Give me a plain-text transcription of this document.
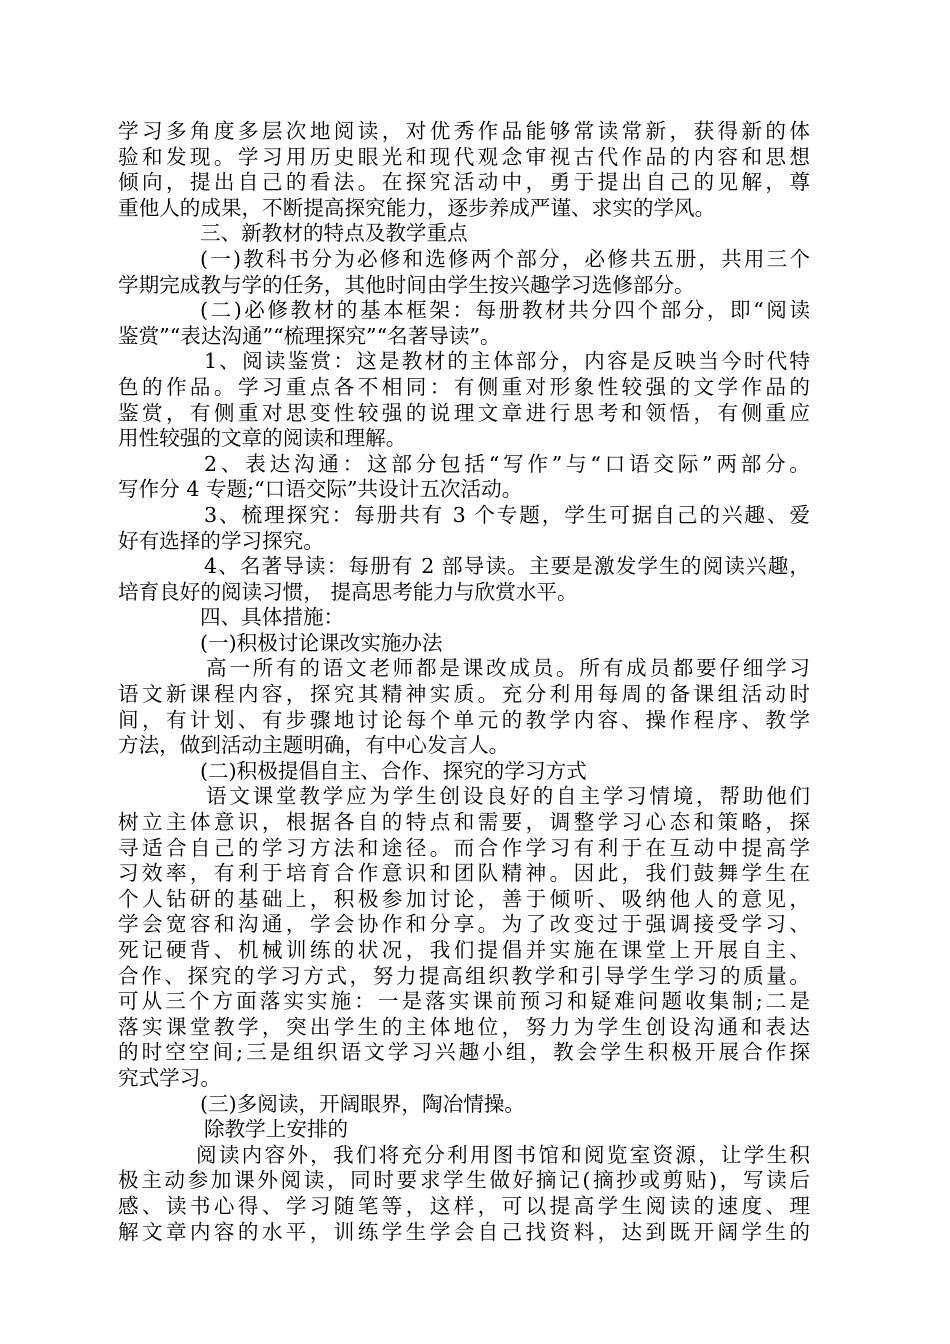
学习多角度多层次地阅读，对优秀作品能够常读常新，获得新的体
验和发现。学习用历史眼光和现代观念审视古代作品的内容和思想
倾向，提出自己的看法。在探究活动中，勇于提出自己的见解，尊
重他人的成果，不断提高探究能力，逐步养成严谨、求实的学风。
三、新教材的特点及教学重点
(一)教科书分为必修和选修两个部分，必修共五册，共用三个
学期完成教与学的任务，其他时间由学生按兴趣学习选修部分。
(二)必修教材的基本框架：每册教材共分四个部分，即“阅读
鉴赏”“表达沟通”“梳理探究”“名著导读”。
1、阅读鉴赏：这是教材的主体部分，内容是反映当今时代特
色的作品。学习重点各不相同：有侧重对形象性较强的文学作品的
鉴赏，有侧重对思变性较强的说理文章进行思考和领悟，有侧重应
用性较强的文章的阅读和理解。
2、表达沟通：这部分包括“写作”与“口语交际”两部分。
写作分 4 专题;“口语交际”共设计五次活动。
3、梳理探究：每册共有 3 个专题，学生可据自己的兴趣、爱
好有选择的学习探究。
4、名著导读：每册有 2 部导读。主要是激发学生的阅读兴趣，
培育良好的阅读习惯， 提高思考能力与欣赏水平。
四、具体措施：
(一)积极讨论课改实施办法
高一所有的语文老师都是课改成员。所有成员都要仔细学习
语文新课程内容，探究其精神实质。充分利用每周的备课组活动时
间，有计划、有步骤地讨论每个单元的教学内容、操作程序、教学
方法，做到活动主题明确，有中心发言人。
(二)积极提倡自主、合作、探究的学习方式
语文课堂教学应为学生创设良好的自主学习情境，帮助他们
树立主体意识，根据各自的特点和需要，调整学习心态和策略，探
寻适合自己的学习方法和途径。而合作学习有利于在互动中提高学
习效率，有利于培育合作意识和团队精神。因此，我们鼓舞学生在
个人钻研的基础上，积极参加讨论，善于倾听、吸纳他人的意见，
学会宽容和沟通，学会协作和分享。为了改变过于强调接受学习、
死记硬背、机械训练的状况，我们提倡并实施在课堂上开展自主、
合作、探究的学习方式，努力提高组织教学和引导学生学习的质量。
可从三个方面落实实施：一是落实课前预习和疑难问题收集制;二是
落实课堂教学，突出学生的主体地位，努力为学生创设沟通和表达
的时空空间;三是组织语文学习兴趣小组，教会学生积极开展合作探
究式学习。
(三)多阅读，开阔眼界，陶冶情操。
除教学上安排的
阅读内容外，我们将充分利用图书馆和阅览室资源，让学生积
极主动参加课外阅读，同时要求学生做好摘记(摘抄或剪贴)，写读后
感、读书心得、学习随笔等，这样，可以提高学生阅读的速度、理
解文章内容的水平，训练学生学会自己找资料，达到既开阔学生的
